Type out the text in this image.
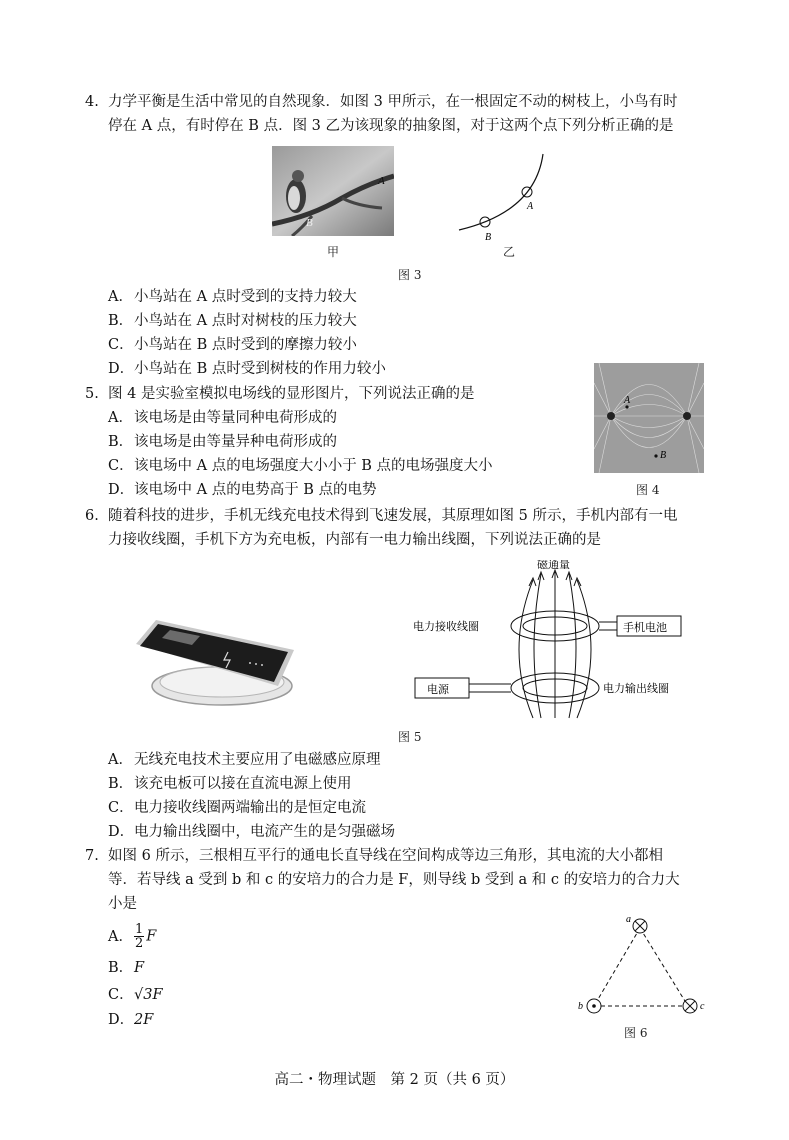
4. 力学平衡是生活中常见的自然现象．如图 3 甲所示，在一根固定不动的树枝上，小鸟有时
停在 A 点，有时停在 B 点．图 3 乙为该现象的抽象图，对于这两个点下列分析正确的是
A
B
甲
A
B
乙
图 3
A．小鸟站在 A 点时受到的支持力较大
B．小鸟站在 A 点时对树枝的压力较大
C．小鸟站在 B 点时受到的摩擦力较小
D．小鸟站在 B 点时受到树枝的作用力较小
5. 图 4 是实验室模拟电场线的显形图片，下列说法正确的是	A
B
图 4
A．该电场是由等量同种电荷形成的
B．该电场是由等量异种电荷形成的
C．该电场中 A 点的电场强度大小小于 B 点的电场强度大小
D．该电场中 A 点的电势高于 B 点的电势
6. 随着科技的进步，手机无线充电技术得到飞速发展，其原理如图 5 所示，手机内部有一电
力接收线圈，手机下方为充电板，内部有一电力输出线圈，下列说法正确的是
磁通量
电力接收线圈	手机电池
电源	电力输出线圈
图 5
A．无线充电技术主要应用了电磁感应原理
B．该充电板可以接在直流电源上使用
C．电力接收线圈两端输出的是恒定电流
D．电力输出线圈中，电流产生的是匀强磁场
7. 如图 6 所示，三根相互平行的通电长直导线在空间构成等边三角形，其电流的大小都相
等．若导线 a 受到 b 和 c 的安培力的合力是 F，则导线 b 受到 a 和 c 的安培力的合力大
小是
A． $\frac{1}{2}$ F
B．F
C．√3F
D．2F
a
b	c
图 6
高二・物理试题　第 2 页（共 6 页）
